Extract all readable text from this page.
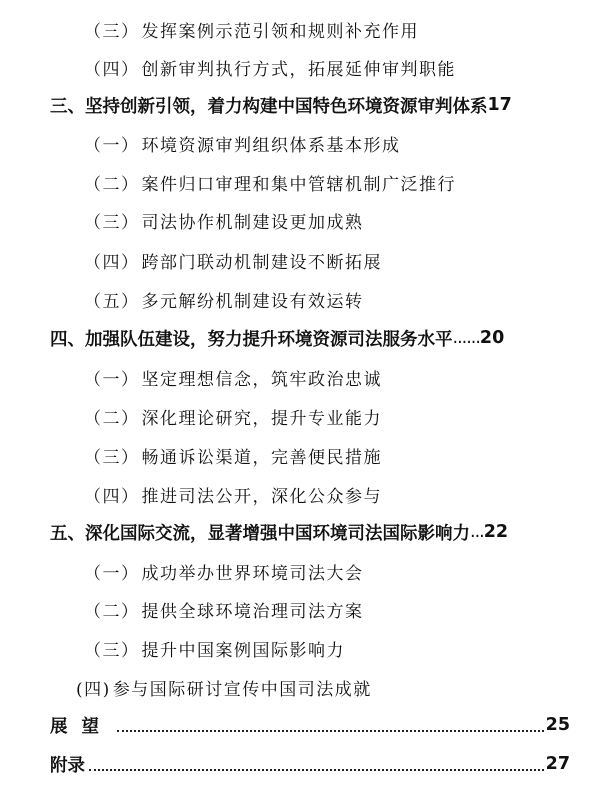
（三） 发挥案例示范引领和规则补充作用
（四） 创新审判执行方式，拓展延伸审判职能
三、坚持创新引领，着力构建中国特色环境资源审判体系 17
（一） 环境资源审判组织体系基本形成
（二） 案件归口审理和集中管辖机制广泛推行
（三） 司法协作机制建设更加成熟
（四） 跨部门联动机制建设不断拓展
（五） 多元解纷机制建设有效运转
四、加强队伍建设，努力提升环境资源司法服务水平 ...... 20
（一） 坚定理想信念，筑牢政治忠诚
（二） 深化理论研究，提升专业能力
（三） 畅通诉讼渠道，完善便民措施
（四） 推进司法公开，深化公众参与
五、深化国际交流，显著增强中国环境司法国际影响力 ... 22
（一） 成功举办世界环境司法大会
（二） 提供全球环境治理司法方案
（三） 提升中国案例国际影响力
(四) 参与国际研讨宣传中国司法成就
展望	25
附录	27
